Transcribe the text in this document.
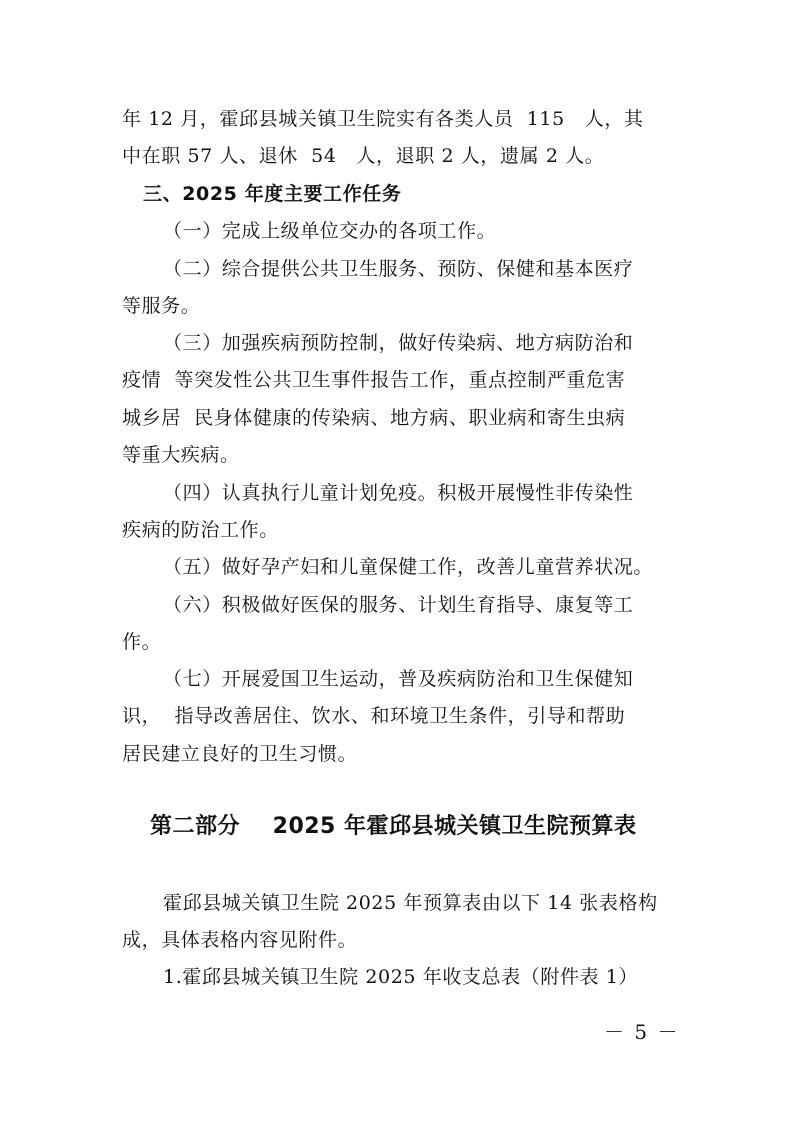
年 12 月，霍邱县城关镇卫生院实有各类人员  115   人，其
中在职 57 人、退休  54   人，退职 2 人，遗属 2 人。
三、2025 年度主要工作任务
（一）完成上级单位交办的各项工作。
（二）综合提供公共卫生服务、预防、保健和基本医疗
等服务。
（三）加强疾病预防控制，做好传染病、地方病防治和
疫情  等突发性公共卫生事件报告工作，重点控制严重危害
城乡居  民身体健康的传染病、地方病、职业病和寄生虫病
等重大疾病。
（四）认真执行儿童计划免疫。积极开展慢性非传染性
疾病的防治工作。
（五）做好孕产妇和儿童保健工作，改善儿童营养状况。
（六）积极做好医保的服务、计划生育指导、康复等工
作。
（七）开展爱国卫生运动，普及疾病防治和卫生保健知
识，  指导改善居住、饮水、和环境卫生条件，引导和帮助
居民建立良好的卫生习惯。
第二部分    2025 年霍邱县城关镇卫生院预算表
霍邱县城关镇卫生院 2025 年预算表由以下 14 张表格构
成，具体表格内容见附件。
1.霍邱县城关镇卫生院 2025 年收支总表（附件表 1）
－ 5 －
